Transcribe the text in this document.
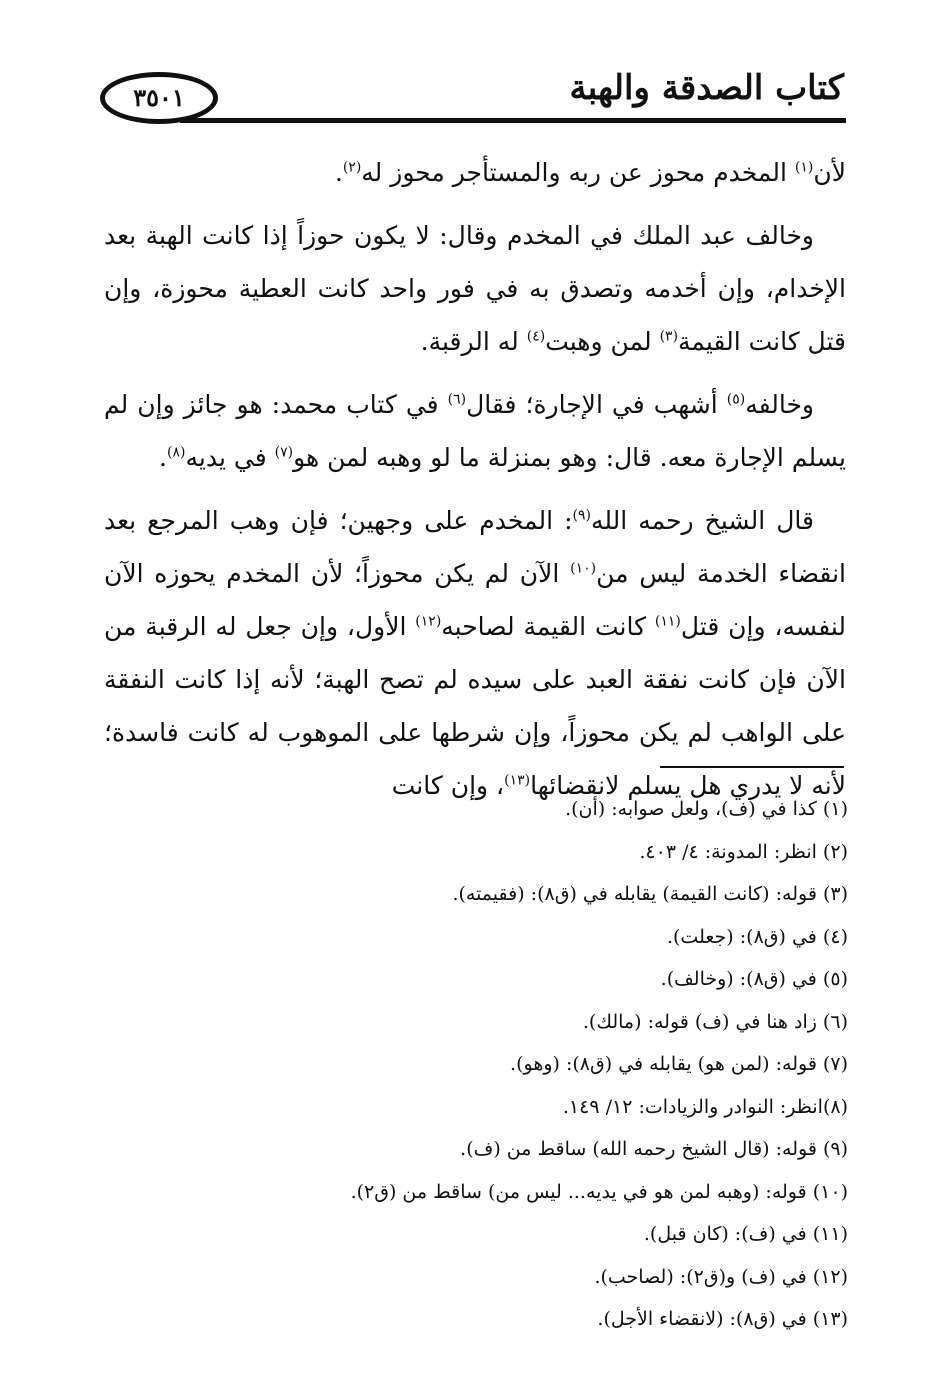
كتاب الصدقة والهبة
٣٥٠١

لأن$^{(١)}$ المخدم محوز عن ربه والمستأجر محوز له$^{(٢)}$.

وخالف عبد الملك في المخدم وقال: لا يكون حوزاً إذا كانت الهبة بعد الإخدام، وإن أخدمه وتصدق به في فور واحد كانت العطية محوزة، وإن قتل كانت القيمة$^{(٣)}$ لمن وهبت$^{(٤)}$ له الرقبة.

وخالفه$^{(٥)}$ أشهب في الإجارة؛ فقال$^{(٦)}$ في كتاب محمد: هو جائز وإن لم يسلم الإجارة معه. قال: وهو بمنزلة ما لو وهبه لمن هو$^{(٧)}$ في يديه$^{(٨)}$.

قال الشيخ رحمه الله$^{(٩)}$: المخدم على وجهين؛ فإن وهب المرجع بعد انقضاء الخدمة ليس من$^{(١٠)}$ الآن لم يكن محوزاً؛ لأن المخدم يحوزه الآن لنفسه، وإن قتل$^{(١١)}$ كانت القيمة لصاحبه$^{(١٢)}$ الأول، وإن جعل له الرقبة من الآن فإن كانت نفقة العبد على سيده لم تصح الهبة؛ لأنه إذا كانت النفقة على الواهب لم يكن محوزاً، وإن شرطها على الموهوب له كانت فاسدة؛ لأنه لا يدري هل يسلم لانقضائها$^{(١٣)}$، وإن كانت

(١) كذا في (ف)، ولعل صوابه: (أن).
(٢) انظر: المدونة: ٤/ ٤٠٣.
(٣) قوله: (كانت القيمة) يقابله في (ق٨): (فقيمته).
(٤) في (ق٨): (جعلت).
(٥) في (ق٨): (وخالف).
(٦) زاد هنا في (ف) قوله: (مالك).
(٧) قوله: (لمن هو) يقابله في (ق٨): (وهو).
(٨)انظر: النوادر والزيادات: ١٢/ ١٤٩.
(٩) قوله: (قال الشيخ رحمه الله) ساقط من (ف).
(١٠) قوله: (وهبه لمن هو في يديه... ليس من) ساقط من (ق٢).
(١١) في (ف): (كان قبل).
(١٢) في (ف) و(ق٢): (لصاحب).
(١٣) في (ق٨): (لانقضاء الأجل).
